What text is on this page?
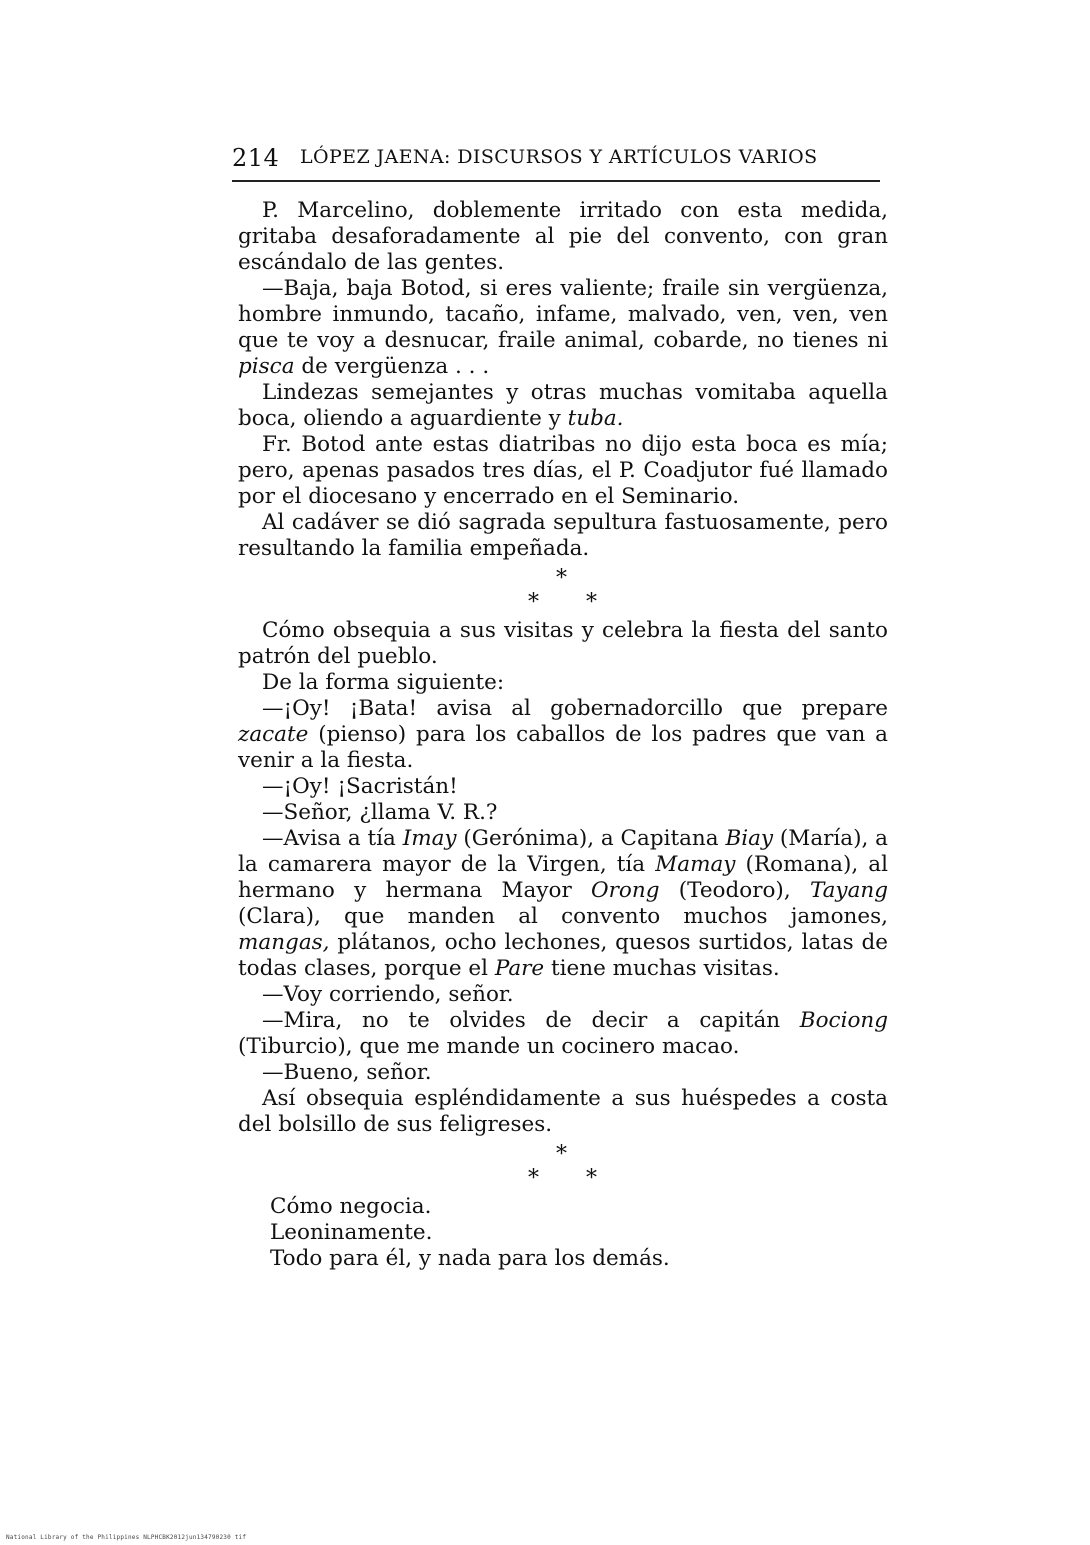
214 LÓPEZ JAENA: DISCURSOS Y ARTÍCULOS VARIOS

P. Marcelino, doblemente irritado con esta medida, gritaba desaforadamente al pie del convento, con gran escándalo de las gentes.

—Baja, baja Botod, si eres valiente; fraile sin vergüenza, hombre inmundo, tacaño, infame, malvado, ven, ven, ven que te voy a desnucar, fraile animal, cobarde, no tienes ni pisca de vergüenza . . .

Lindezas semejantes y otras muchas vomitaba aquella boca, oliendo a aguardiente y tuba.

Fr. Botod ante estas diatribas no dijo esta boca es mía; pero, apenas pasados tres días, el P. Coadjutor fué llamado por el diocesano y encerrado en el Seminario.

Al cadáver se dió sagrada sepultura fastuosamente, pero resultando la familia empeñada.

*
* *

Cómo obsequia a sus visitas y celebra la fiesta del santo patrón del pueblo.

De la forma siguiente:

—¡Oy! ¡Bata! avisa al gobernadorcillo que prepare zacate (pienso) para los caballos de los padres que van a venir a la fiesta.

—¡Oy! ¡Sacristán!

—Señor, ¿llama V. R.?

—Avisa a tía Imay (Gerónima), a Capitana Biay (María), a la camarera mayor de la Virgen, tía Mamay (Romana), al hermano y hermana Mayor Orong (Teodoro), Tayang (Clara), que manden al convento muchos jamones, mangas, plátanos, ocho lechones, quesos surtidos, latas de todas clases, porque el Pare tiene muchas visitas.

—Voy corriendo, señor.

—Mira, no te olvides de decir a capitán Bociong (Tiburcio), que me mande un cocinero macao.

—Bueno, señor.

Así obsequia espléndidamente a sus huéspedes a costa del bolsillo de sus feligreses.

*
* *

Cómo negocia.

Leoninamente.

Todo para él, y nada para los demás.

National Library of the Philippines NLPHCBK2012jun134790230 tif
